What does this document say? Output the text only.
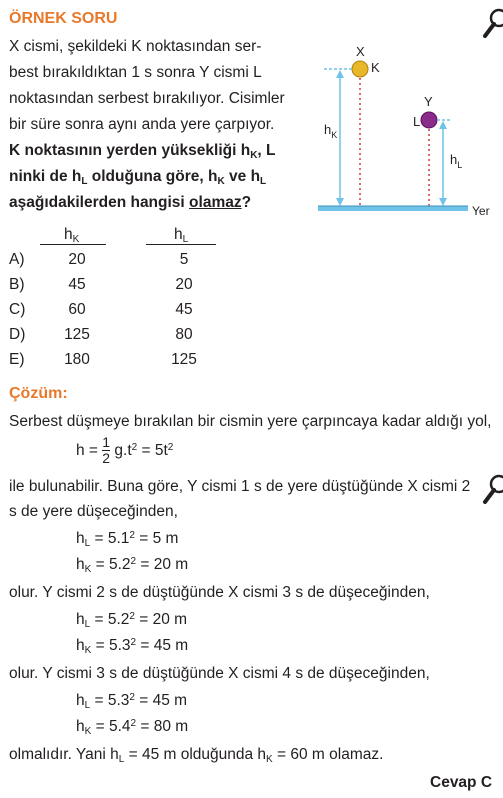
ÖRNEK SORU
X cismi, şekildeki K noktasından ser-
best bırakıldıktan 1 s sonra Y cismi L
noktasından serbest bırakılıyor. Cisimler
bir süre sonra aynı anda yere çarpıyor.
K noktasının yerden yüksekliği $h_K$, L
ninki de $h_L$ olduğuna göre, $h_K$ ve $h_L$
aşağıdakilerden hangisi olamaz?
X
K
$h_K$
Y
L
$h_L$
Yer
$h_K$	$h_L$
A)	20	5
B)	45	20
C)	60	45
D)	125	80
E)	180	125
Çözüm:
Serbest düşmeye bırakılan bir cismin yere çarpıncaya kadar aldığı yol,
$h = \frac{1}{2} g.t^2 = 5t^2$
ile bulunabilir. Buna göre, Y cismi 1 s de yere düştüğünde X cismi 2
s de yere düşeceğinden,
$h_L = 5.1^2 = 5$ m
$h_K = 5.2^2 = 20$ m
olur. Y cismi 2 s de düştüğünde X cismi 3 s de düşeceğinden,
$h_L = 5.2^2 = 20$ m
$h_K = 5.3^2 = 45$ m
olur. Y cismi 3 s de düştüğünde X cismi 4 s de düşeceğinden,
$h_L = 5.3^2 = 45$ m
$h_K = 5.4^2 = 80$ m
olmalıdır. Yani $h_L = 45$ m olduğunda $h_K = 60$ m olamaz.
Cevap C
